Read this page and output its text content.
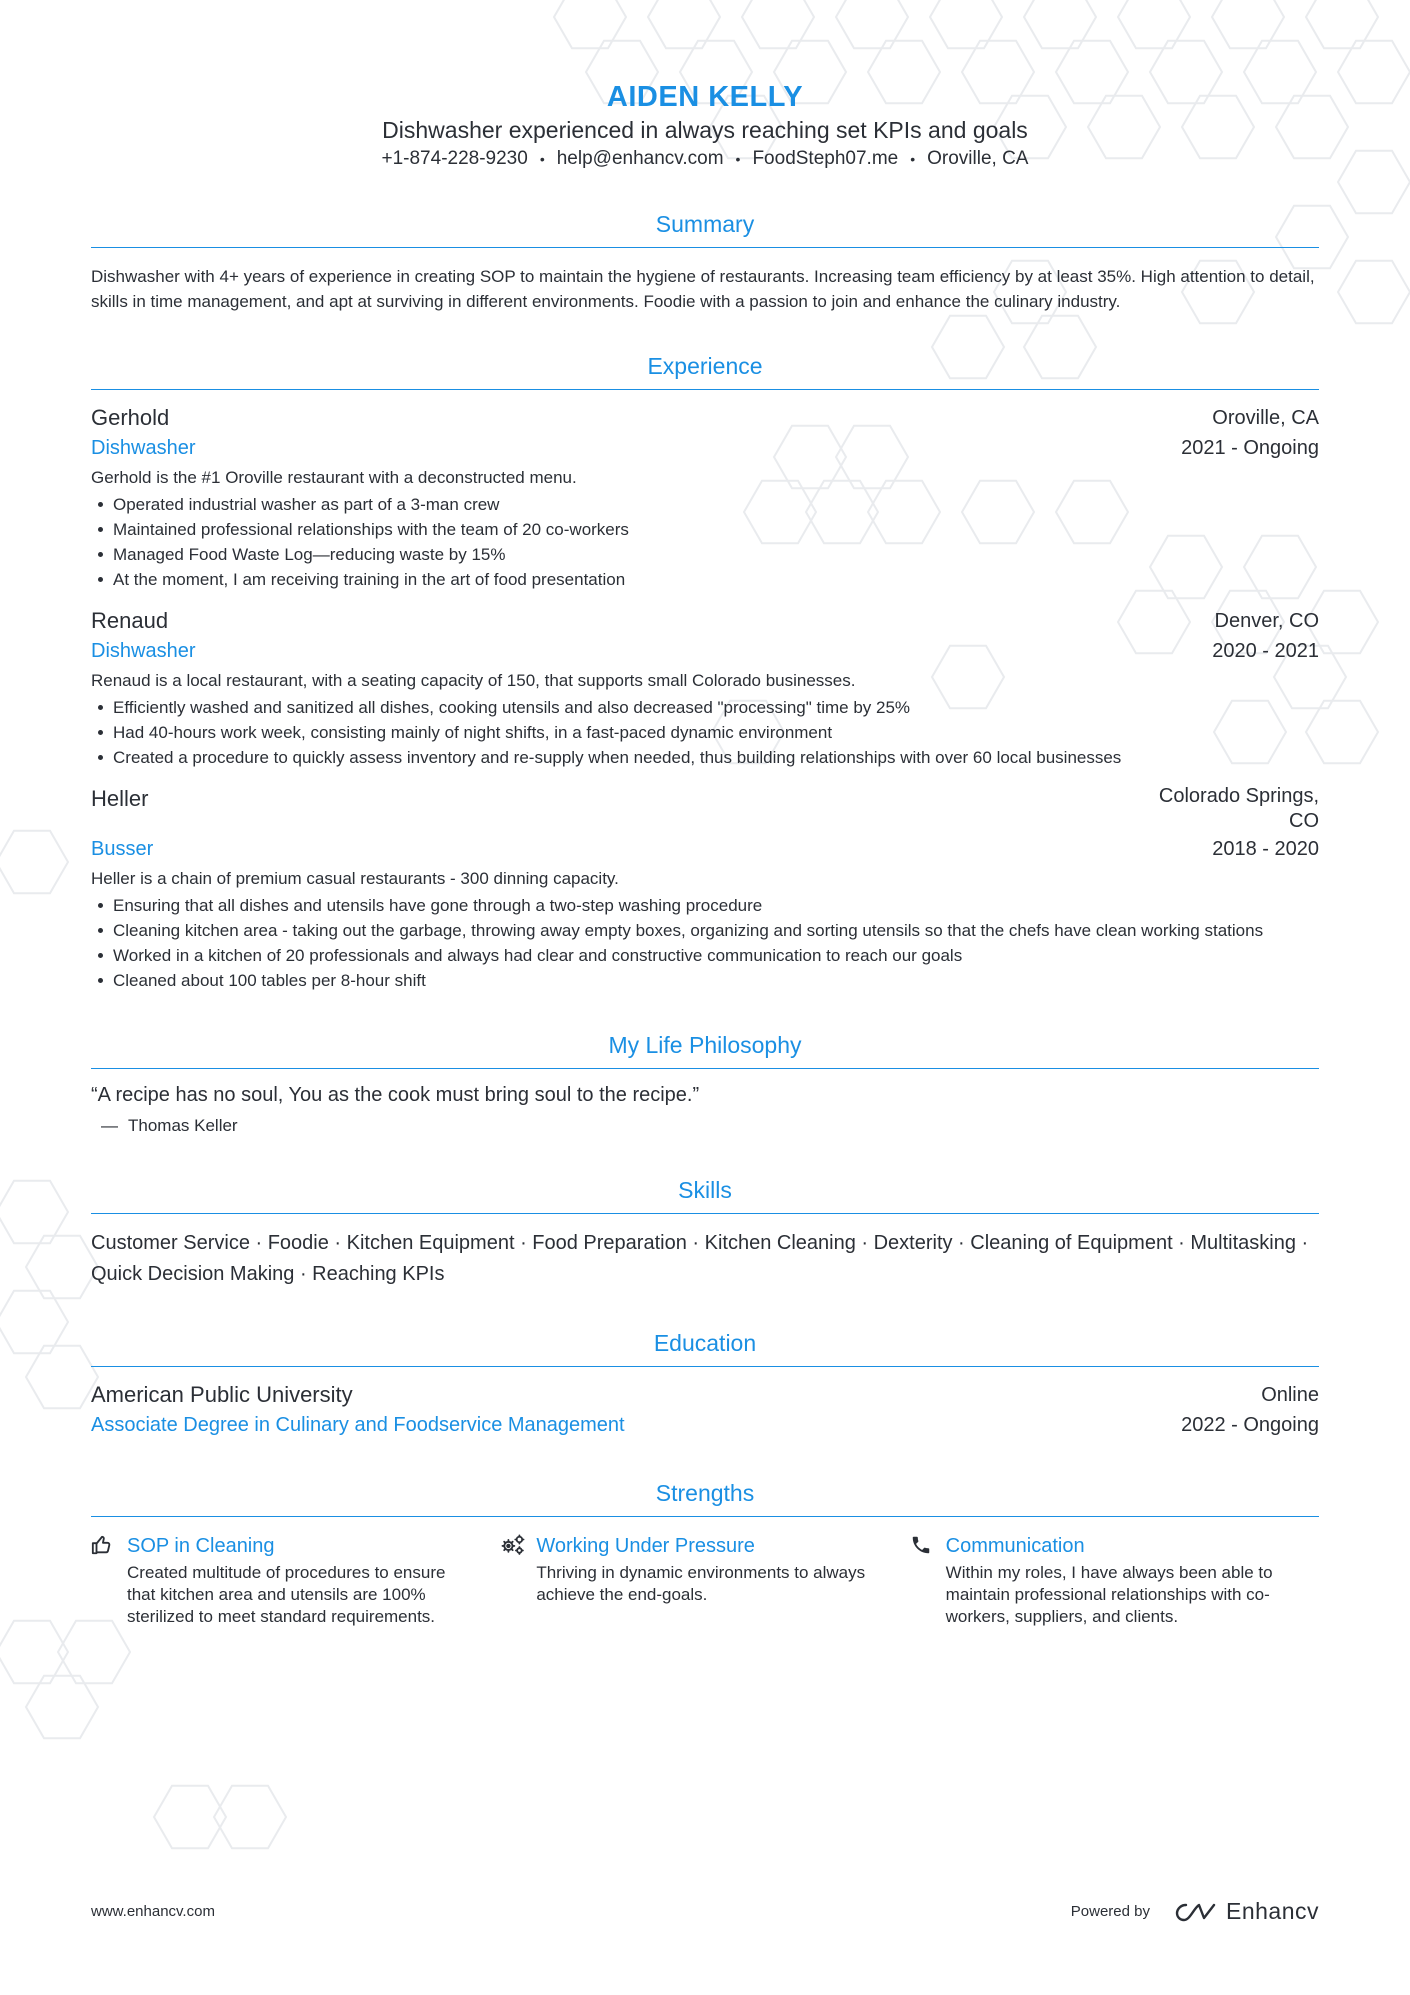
AIDEN KELLY
Dishwasher experienced in always reaching set KPIs and goals
+1-874-228-9230 • help@enhancv.com • FoodSteph07.me • Oroville, CA
Summary
Dishwasher with 4+ years of experience in creating SOP to maintain the hygiene of restaurants. Increasing team efficiency by at least 35%. High attention to detail, skills in time management, and apt at surviving in different environments. Foodie with a passion to join and enhance the culinary industry.
Experience
Gerhold	Oroville, CA
Dishwasher	2021 - Ongoing
Gerhold is the #1 Oroville restaurant with a deconstructed menu.
Operated industrial washer as part of a 3-man crew
Maintained professional relationships with the team of 20 co-workers
Managed Food Waste Log—reducing waste by 15%
At the moment, I am receiving training in the art of food presentation
Renaud	Denver, CO
Dishwasher	2020 - 2021
Renaud is a local restaurant, with a seating capacity of 150, that supports small Colorado businesses.
Efficiently washed and sanitized all dishes, cooking utensils and also decreased "processing" time by 25%
Had 40-hours work week, consisting mainly of night shifts, in a fast-paced dynamic environment
Created a procedure to quickly assess inventory and re-supply when needed, thus building relationships with over 60 local businesses
Heller	Colorado Springs,
CO
Busser	2018 - 2020
Heller is a chain of premium casual restaurants - 300 dinning capacity.
Ensuring that all dishes and utensils have gone through a two-step washing procedure
Cleaning kitchen area - taking out the garbage, throwing away empty boxes, organizing and sorting utensils so that the chefs have clean working stations
Worked in a kitchen of 20 professionals and always had clear and constructive communication to reach our goals
Cleaned about 100 tables per 8-hour shift
My Life Philosophy
“A recipe has no soul, You as the cook must bring soul to the recipe.”
— Thomas Keller
Skills
Customer Service · Foodie · Kitchen Equipment · Food Preparation · Kitchen Cleaning · Dexterity · Cleaning of Equipment · Multitasking · Quick Decision Making · Reaching KPIs
Education
American Public University	Online
Associate Degree in Culinary and Foodservice Management	2022 - Ongoing
Strengths
SOP in Cleaning
Created multitude of procedures to ensure that kitchen area and utensils are 100% sterilized to meet standard requirements.
Working Under Pressure
Thriving in dynamic environments to always achieve the end-goals.
Communication
Within my roles, I have always been able to maintain professional relationships with co-workers, suppliers, and clients.
www.enhancv.com	Powered by	Enhancv
